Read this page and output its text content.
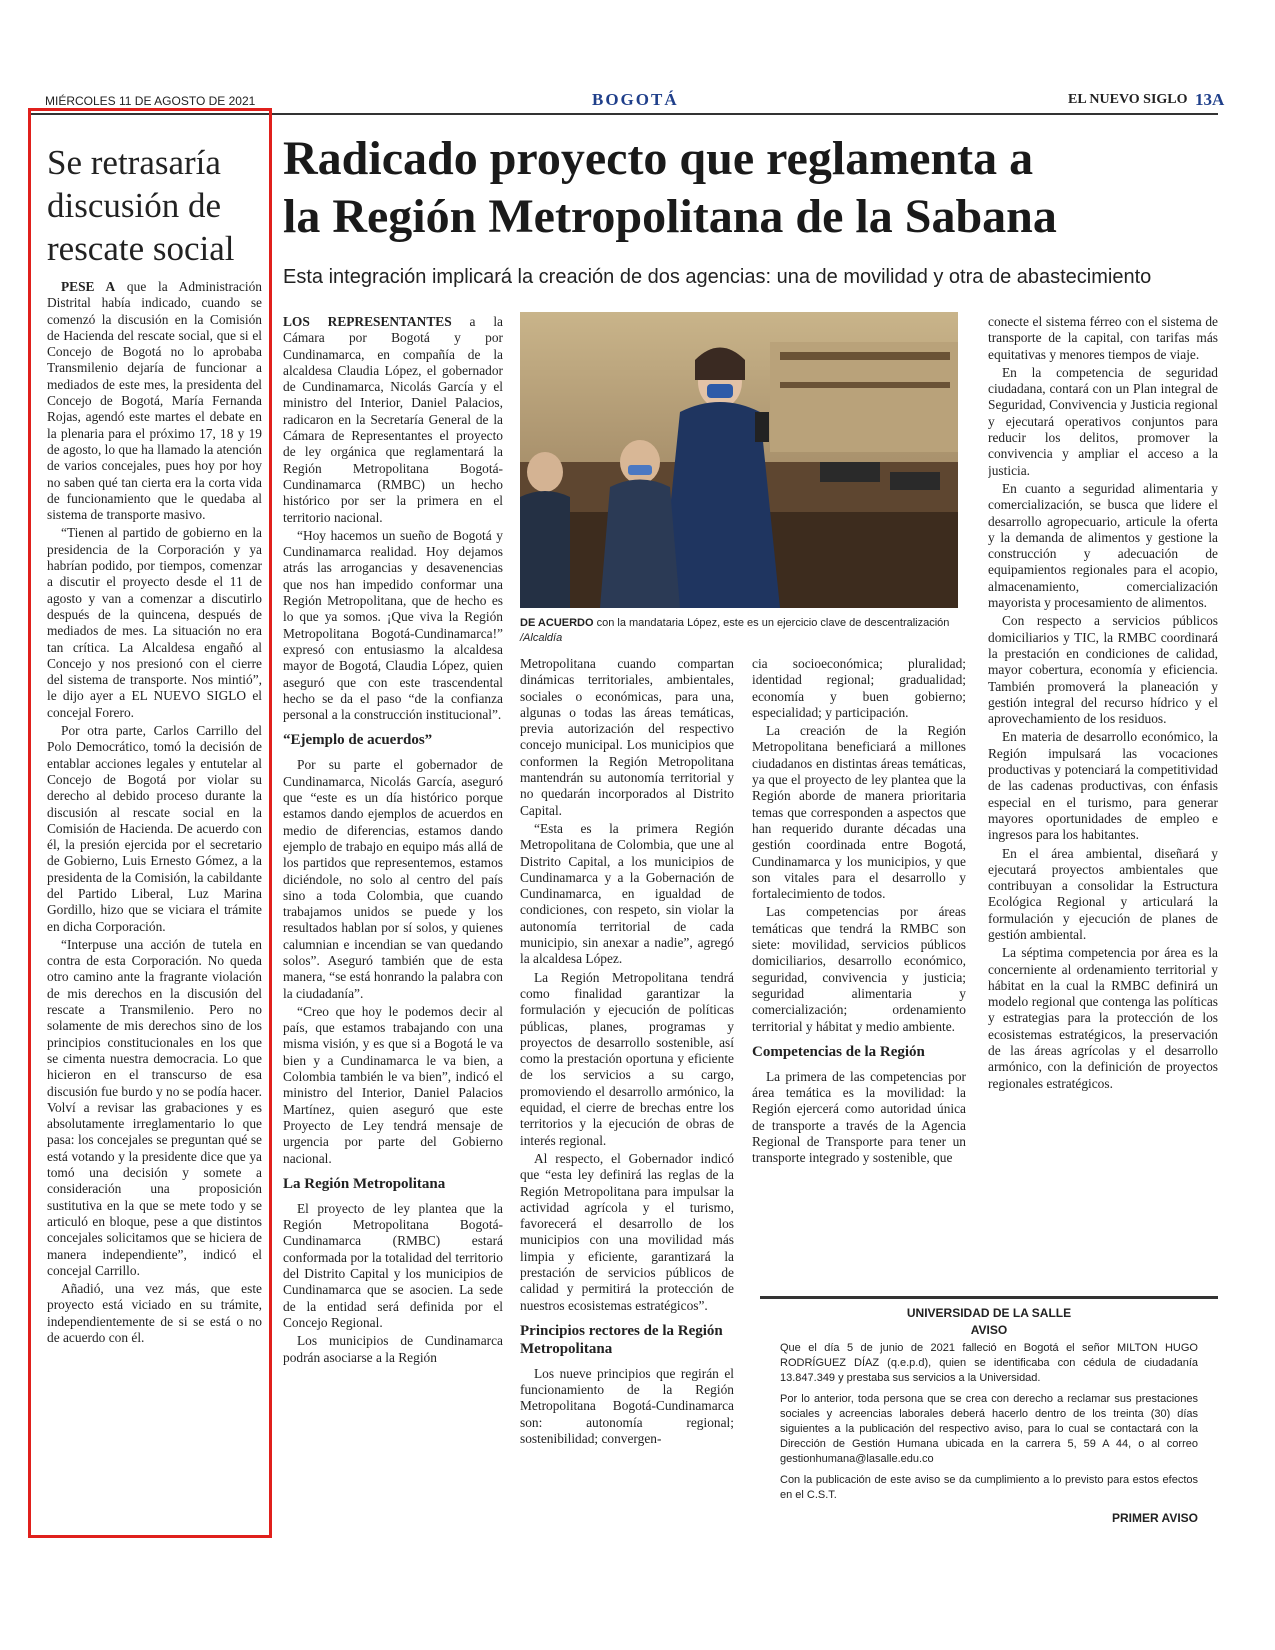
MIÉRCOLES 11 DE AGOSTO DE 2021	BOGOTÁ	EL NUEVO SIGLO 13A
Se retrasaría discusión de rescate social

PESE A que la Administración Distrital había indicado, cuando se comenzó la discusión en la Comisión de Hacienda del rescate social, que si el Concejo de Bogotá no lo aprobaba Transmilenio dejaría de funcionar a mediados de este mes, la presidenta del Concejo de Bogotá, María Fernanda Rojas, agendó este martes el debate en la plenaria para el próximo 17, 18 y 19 de agosto, lo que ha llamado la atención de varios concejales, pues hoy por hoy no saben qué tan cierta era la corta vida de funcionamiento que le quedaba al sistema de transporte masivo.

“Tienen al partido de gobierno en la presidencia de la Corporación y ya habrían podido, por tiempos, comenzar a discutir el proyecto desde el 11 de agosto y van a comenzar a discutirlo después de la quincena, después de mediados de mes. La situación no era tan crítica. La Alcaldesa engañó al Concejo y nos presionó con el cierre del sistema de transporte. Nos mintió”, le dijo ayer a EL NUEVO SIGLO el concejal Forero.

Por otra parte, Carlos Carrillo del Polo Democrático, tomó la decisión de entablar acciones legales y entutelar al Concejo de Bogotá por violar su derecho al debido proceso durante la discusión al rescate social en la Comisión de Hacienda. De acuerdo con él, la presión ejercida por el secretario de Gobierno, Luis Ernesto Gómez, a la presidenta de la Comisión, la cabildante del Partido Liberal, Luz Marina Gordillo, hizo que se viciara el trámite en dicha Corporación.

“Interpuse una acción de tutela en contra de esta Corporación. No queda otro camino ante la fragrante violación de mis derechos en la discusión del rescate a Transmilenio. Pero no solamente de mis derechos sino de los principios constitucionales en los que se cimenta nuestra democracia. Lo que hicieron en el transcurso de esa discusión fue burdo y no se podía hacer. Volví a revisar las grabaciones y es absolutamente irreglamentario lo que pasa: los concejales se preguntan qué se está votando y la presidente dice que ya tomó una decisión y somete a consideración una proposición sustitutiva en la que se mete todo y se articuló en bloque, pese a que distintos concejales solicitamos que se hiciera de manera independiente”, indicó el concejal Carrillo.

Añadió, una vez más, que este proyecto está viciado en su trámite, independientemente de si se está o no de acuerdo con él.

Radicado proyecto que reglamenta a
la Región Metropolitana de la Sabana
Esta integración implicará la creación de dos agencias: una de movilidad y otra de abastecimiento

LOS REPRESENTANTES a la Cámara por Bogotá y por Cundinamarca, en compañía de la alcaldesa Claudia López, el gobernador de Cundinamarca, Nicolás García y el ministro del Interior, Daniel Palacios, radicaron en la Secretaría General de la Cámara de Representantes el proyecto de ley orgánica que reglamentará la Región Metropolitana Bogotá-Cundinamarca (RMBC) un hecho histórico por ser la primera en el territorio nacional.

“Hoy hacemos un sueño de Bogotá y Cundinamarca realidad. Hoy dejamos atrás las arrogancias y desavenencias que nos han impedido conformar una Región Metropolitana, que de hecho es lo que ya somos. ¡Que viva la Región Metropolitana Bogotá-Cundinamarca!” expresó con entusiasmo la alcaldesa mayor de Bogotá, Claudia López, quien aseguró que con este trascendental hecho se da el paso “de la confianza personal a la construcción institucional”.

“Ejemplo de acuerdos”

Por su parte el gobernador de Cundinamarca, Nicolás García, aseguró que “este es un día histórico porque estamos dando ejemplos de acuerdos en medio de diferencias, estamos dando ejemplo de trabajo en equipo más allá de los partidos que representemos, estamos diciéndole, no solo al centro del país sino a toda Colombia, que cuando trabajamos unidos se puede y los resultados hablan por sí solos, y quienes calumnian e incendian se van quedando solos”. Aseguró también que de esta manera, “se está honrando la palabra con la ciudadanía”.

“Creo que hoy le podemos decir al país, que estamos trabajando con una misma visión, y es que si a Bogotá le va bien y a Cundinamarca le va bien, a Colombia también le va bien”, indicó el ministro del Interior, Daniel Palacios Martínez, quien aseguró que este Proyecto de Ley tendrá mensaje de urgencia por parte del Gobierno nacional.

La Región Metropolitana

El proyecto de ley plantea que la Región Metropolitana Bogotá-Cundinamarca (RMBC) estará conformada por la totalidad del territorio del Distrito Capital y los municipios de Cundinamarca que se asocien. La sede de la entidad será definida por el Concejo Regional.

Los municipios de Cundinamarca podrán asociarse a la Región

DE ACUERDO con la mandataria López, este es un ejercicio clave de descentralización /Alcaldía

Metropolitana cuando compartan dinámicas territoriales, ambientales, sociales o económicas, para una, algunas o todas las áreas temáticas, previa autorización del respectivo concejo municipal. Los municipios que conformen la Región Metropolitana mantendrán su autonomía territorial y no quedarán incorporados al Distrito Capital.

“Esta es la primera Región Metropolitana de Colombia, que une al Distrito Capital, a los municipios de Cundinamarca y a la Gobernación de Cundinamarca, en igualdad de condiciones, con respeto, sin violar la autonomía territorial de cada municipio, sin anexar a nadie”, agregó la alcaldesa López.

La Región Metropolitana tendrá como finalidad garantizar la formulación y ejecución de políticas públicas, planes, programas y proyectos de desarrollo sostenible, así como la prestación oportuna y eficiente de los servicios a su cargo, promoviendo el desarrollo armónico, la equidad, el cierre de brechas entre los territorios y la ejecución de obras de interés regional.

Al respecto, el Gobernador indicó que “esta ley definirá las reglas de la Región Metropolitana para impulsar la actividad agrícola y el turismo, favorecerá el desarrollo de los municipios con una movilidad más limpia y eficiente, garantizará la prestación de servicios públicos de calidad y permitirá la protección de nuestros ecosistemas estratégicos”.

Principios rectores de la Región Metropolitana

Los nueve principios que regirán el funcionamiento de la Región Metropolitana Bogotá-Cundinamarca son: autonomía regional; sostenibilidad; convergen-

cia socioeconómica; pluralidad; identidad regional; gradualidad; economía y buen gobierno; especialidad; y participación.

La creación de la Región Metropolitana beneficiará a millones ciudadanos en distintas áreas temáticas, ya que el proyecto de ley plantea que la Región aborde de manera prioritaria temas que corresponden a aspectos que han requerido durante décadas una gestión coordinada entre Bogotá, Cundinamarca y los municipios, y que son vitales para el desarrollo y fortalecimiento de todos.

Las competencias por áreas temáticas que tendrá la RMBC son siete: movilidad, servicios públicos domiciliarios, desarrollo económico, seguridad, convivencia y justicia; seguridad alimentaria y comercialización; ordenamiento territorial y hábitat y medio ambiente.

Competencias de la Región

La primera de las competencias por área temática es la movilidad: la Región ejercerá como autoridad única de transporte a través de la Agencia Regional de Transporte para tener un transporte integrado y sostenible, que

conecte el sistema férreo con el sistema de transporte de la capital, con tarifas más equitativas y menores tiempos de viaje.

En la competencia de seguridad ciudadana, contará con un Plan integral de Seguridad, Convivencia y Justicia regional y ejecutará operativos conjuntos para reducir los delitos, promover la convivencia y ampliar el acceso a la justicia.

En cuanto a seguridad alimentaria y comercialización, se busca que lidere el desarrollo agropecuario, articule la oferta y la demanda de alimentos y gestione la construcción y adecuación de equipamientos regionales para el acopio, almacenamiento, comercialización mayorista y procesamiento de alimentos.

Con respecto a servicios públicos domiciliarios y TIC, la RMBC coordinará la prestación en condiciones de calidad, mayor cobertura, economía y eficiencia. También promoverá la planeación y gestión integral del recurso hídrico y el aprovechamiento de los residuos.

En materia de desarrollo económico, la Región impulsará las vocaciones productivas y potenciará la competitividad de las cadenas productivas, con énfasis especial en el turismo, para generar mayores oportunidades de empleo e ingresos para los habitantes.

En el área ambiental, diseñará y ejecutará proyectos ambientales que contribuyan a consolidar la Estructura Ecológica Regional y articulará la formulación y ejecución de planes de gestión ambiental.

La séptima competencia por área es la concerniente al ordenamiento territorial y hábitat en la cual la RMBC definirá un modelo regional que contenga las políticas y estrategias para la protección de los ecosistemas estratégicos, la preservación de las áreas agrícolas y el desarrollo armónico, con la definición de proyectos regionales estratégicos.

UNIVERSIDAD DE LA SALLE
AVISO

Que el día 5 de junio de 2021 falleció en Bogotá el señor MILTON HUGO RODRÍGUEZ DÍAZ (q.e.p.d), quien se identificaba con cédula de ciudadanía 13.847.349 y prestaba sus servicios a la Universidad.

Por lo anterior, toda persona que se crea con derecho a reclamar sus prestaciones sociales y acreencias laborales deberá hacerlo dentro de los treinta (30) días siguientes a la publicación del respectivo aviso, para lo cual se contactará con la Dirección de Gestión Humana ubicada en la carrera 5, 59 A 44, o al correo gestionhumana@lasalle.edu.co

Con la publicación de este aviso se da cumplimiento a lo previsto para estos efectos en el C.S.T.

PRIMER AVISO
